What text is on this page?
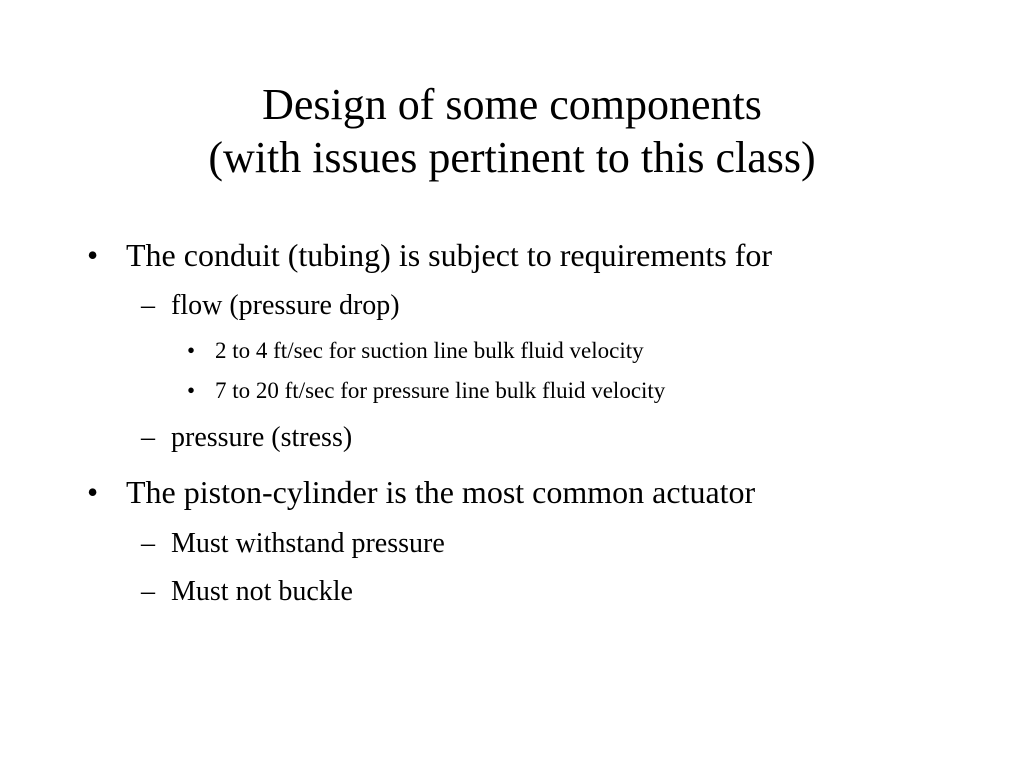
Design of some components
(with issues pertinent to this class)
• The conduit (tubing) is subject to requirements for
– flow (pressure drop)
• 2 to 4 ft/sec for suction line bulk fluid velocity
• 7 to 20 ft/sec for pressure line bulk fluid velocity
– pressure (stress)
• The piston-cylinder is the most common actuator
– Must withstand pressure
– Must not buckle
